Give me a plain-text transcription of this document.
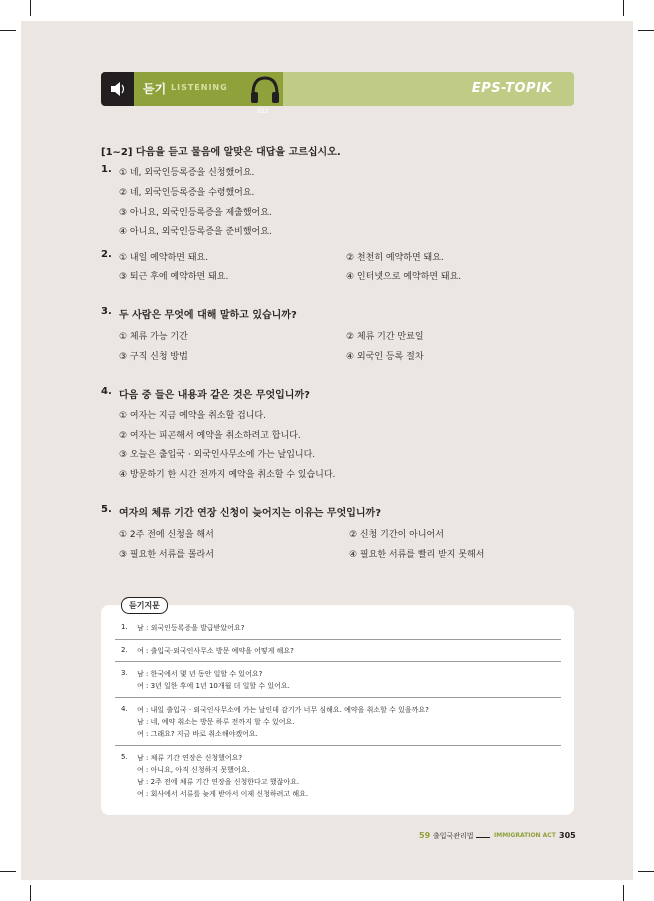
듣기 LISTENING	EPS-TOPIK
322
[1~2] 다음을 듣고 물음에 알맞은 대답을 고르십시오.
1. ① 네, 외국인등록증을 신청했어요.
② 네, 외국인등록증을 수령했어요.
③ 아니요, 외국인등록증을 제출했어요.
④ 아니요, 외국인등록증을 준비했어요.
2. ① 내일 예약하면 돼요.	② 천천히 예약하면 돼요.
③ 퇴근 후에 예약하면 돼요.	④ 인터넷으로 예약하면 돼요.
3. 두 사람은 무엇에 대해 말하고 있습니까?
① 체류 가능 기간	② 체류 기간 만료일
③ 구직 신청 방법	④ 외국인 등록 절차
4. 다음 중 들은 내용과 같은 것은 무엇입니까?
① 여자는 지금 예약을 취소할 겁니다.
② 여자는 피곤해서 예약을 취소하려고 합니다.
③ 오늘은 출입국 · 외국인사무소에 가는 날입니다.
④ 방문하기 한 시간 전까지 예약을 취소할 수 있습니다.
5. 여자의 체류 기간 연장 신청이 늦어지는 이유는 무엇입니까?
① 2주 전에 신청을 해서	② 신청 기간이 아니어서
③ 필요한 서류를 몰라서	④ 필요한 서류를 빨리 받지 못해서
듣기지문
1. 남 : 외국인등록증을 발급받았어요?
2. 여 : 출입국·외국인사무소 방문 예약을 어떻게 해요?
3. 남 : 한국에서 몇 년 동안 일할 수 있어요?
여 : 3년 일한 후에 1년 10개월 더 일할 수 있어요.
4. 여 : 내일 출입국 · 외국인사무소에 가는 날인데 감기가 너무 심해요. 예약을 취소할 수 있을까요?
남 : 네, 예약 취소는 방문 하루 전까지 할 수 있어요.
여 : 그래요? 지금 바로 취소해야겠어요.
5. 남 : 체류 기간 연장은 신청했어요?
여 : 아니요, 아직 신청하지 못했어요.
남 : 2주 전에 체류 기간 연장을 신청한다고 했잖아요.
여 : 회사에서 서류를 늦게 받아서 이제 신청하려고 해요.
59 출입국관리법	IMMIGRATION ACT 305
